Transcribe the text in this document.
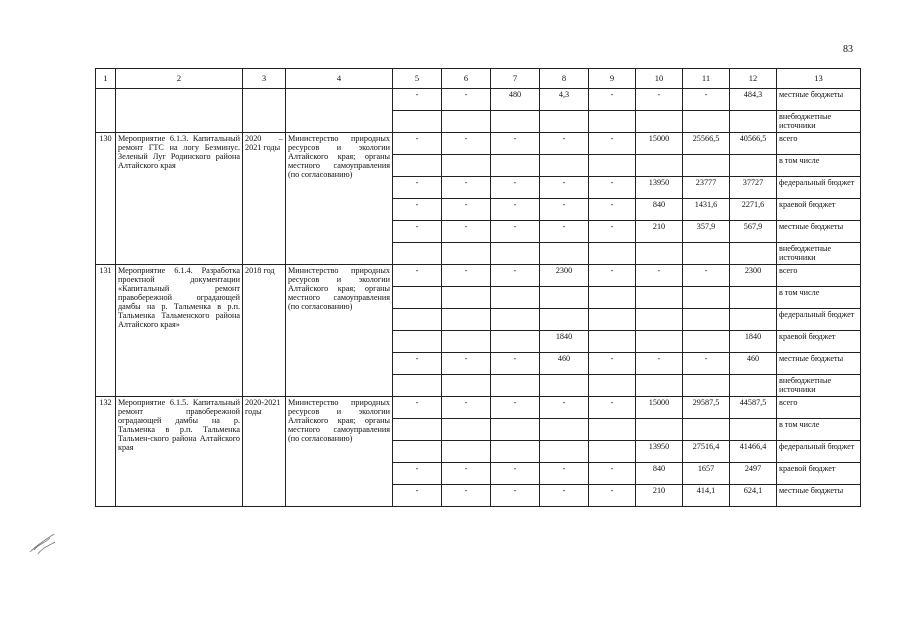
83
1	2	3	4	5	6	7	8	9	10	11	12	13
				-	-	480	4,3	-	-	-	484,3	местные бюджеты
												внебюджетные источники
130	Мероприятие 6.1.3. Капитальный ремонт ГТС на логу Безминус. Зеленый Луг Родинского района Алтайского края	2020 – 2021 годы	Министерство природных ресурсов и экологии Алтайского края; органы местного самоуправления (по согласованию)	-	-	-	-	-	15000	25566,5	40566,5	всего
												в том числе
				-	-	-	-	-	13950	23777	37727	федеральный бюджет
				-	-	-	-	-	840	1431,6	2271,6	краевой бюджет
				-	-	-	-	-	210	357,9	567,9	местные бюджеты
												внебюджетные источники
131	Мероприятие 6.1.4. Разработка проектной документации «Капитальный ремонт правобережной оградающей дамбы на р. Тальменка в р.п. Тальменка Тальменского района Алтайского края»	2018 год	Министерство природных ресурсов и экологии Алтайского края; органы местного самоуправления (по согласованию)	-	-	-	2300	-	-	-	2300	всего
												в том числе
												федеральный бюджет
							1840				1840	краевой бюджет
				-	-	-	460	-	-	-	460	местные бюджеты
												внебюджетные источники
132	Мероприятие 6.1.5. Капитальный ремонт правобережной оградающей дамбы на р. Тальменка в р.п. Тальменка Тальмен-ского района Алтайского края	2020-2021 годы	Министерство природных ресурсов и экологии Алтайского края; органы местного самоуправления (по согласованию)	-	-	-	-	-	15000	29587,5	44587,5	всего
												в том числе
									13950	27516,4	41466,4	федеральный бюджет
				-	-	-	-	-	840	1657	2497	краевой бюджет
				-	-	-	-	-	210	414,1	624,1	местные бюджеты
